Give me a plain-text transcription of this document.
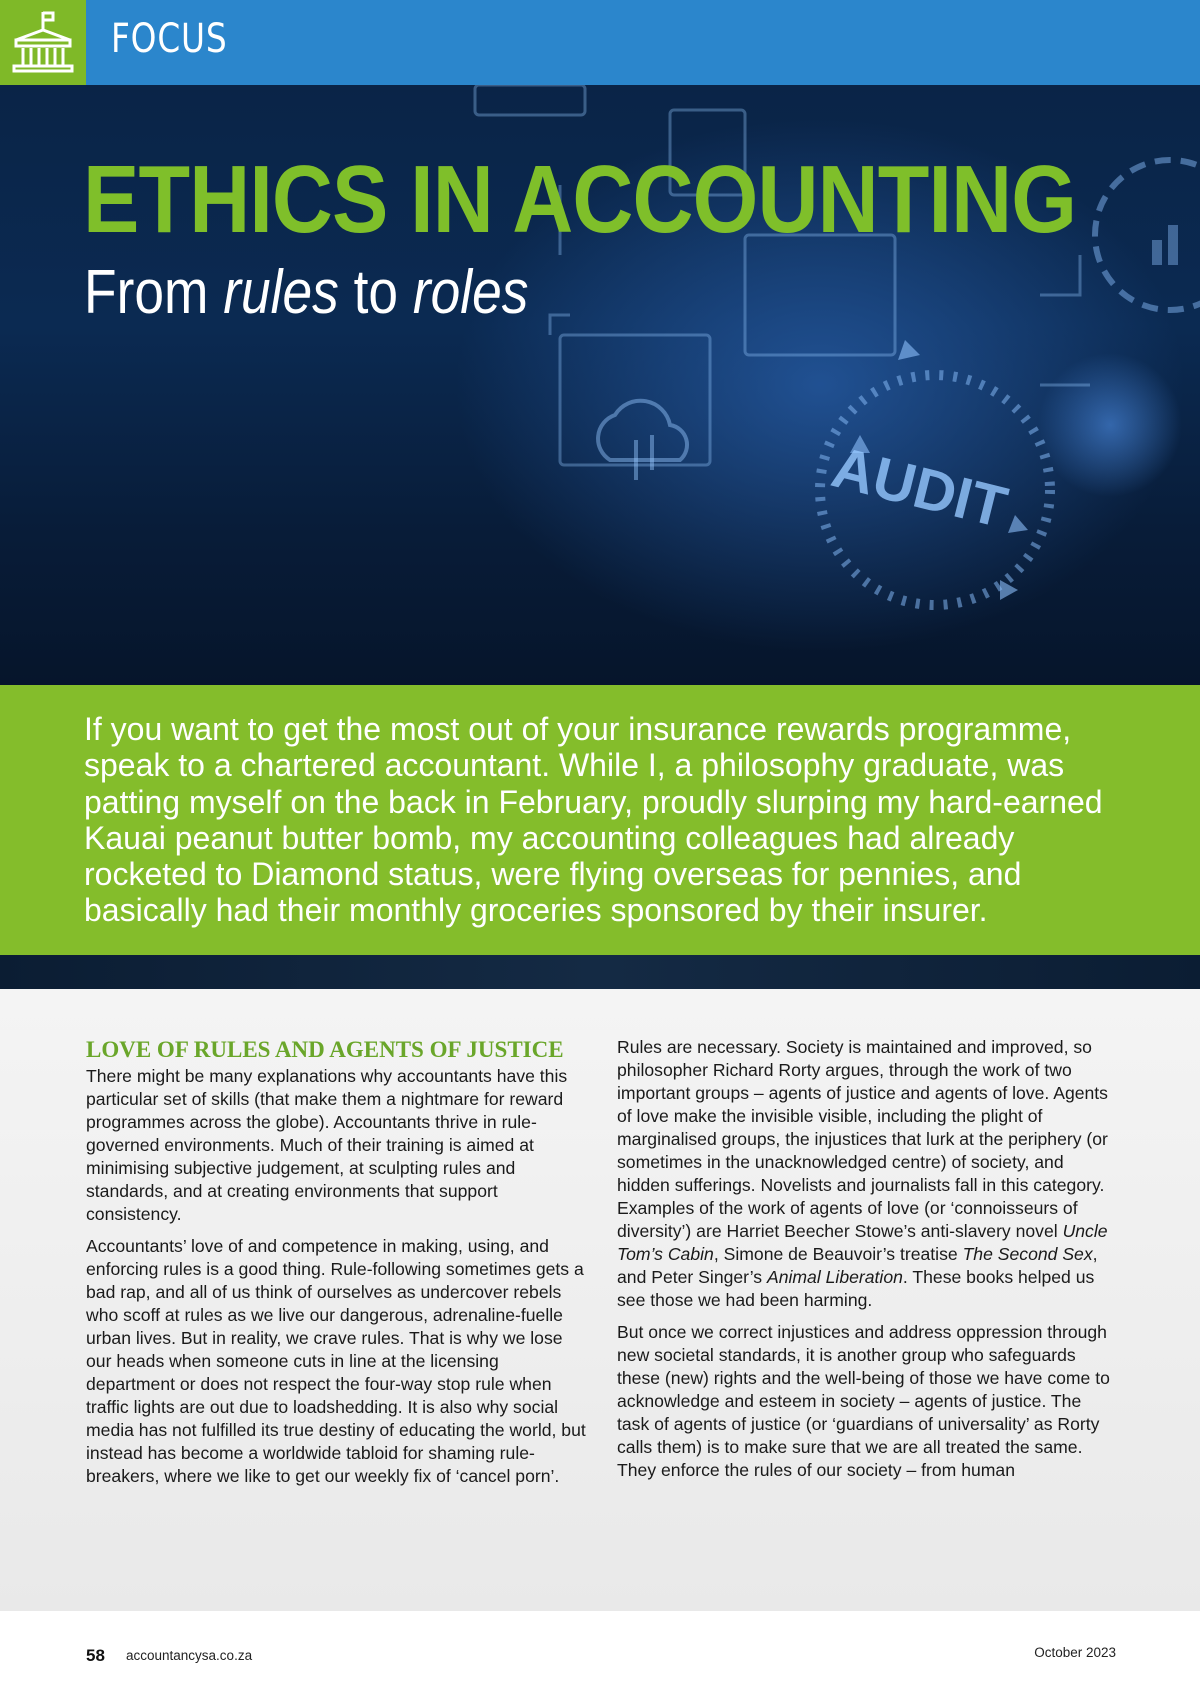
FOCUS
AUDIT
ETHICS IN ACCOUNTING
From rules to roles

If you want to get the most out of your insurance rewards programme, speak to a chartered accountant. While I, a philosophy graduate, was patting myself on the back in February, proudly slurping my hard-earned Kauai peanut butter bomb, my accounting colleagues had already rocketed to Diamond status, were flying overseas for pennies, and basically had their monthly groceries sponsored by their insurer.

LOVE OF RULES AND AGENTS OF JUSTICE

There might be many explanations why accountants have this particular set of skills (that make them a nightmare for reward programmes across the globe). Accountants thrive in rule-governed environments. Much of their training is aimed at minimising subjective judgement, at sculpting rules and standards, and at creating environments that support consistency.

Accountants’ love of and competence in making, using, and enforcing rules is a good thing. Rule-following sometimes gets a bad rap, and all of us think of ourselves as undercover rebels who scoff at rules as we live our dangerous, adrenaline-fuelle urban lives. But in reality, we crave rules. That is why we lose our heads when someone cuts in line at the licensing department or does not respect the four-way stop rule when traffic lights are out due to loadshedding. It is also why social media has not fulfilled its true destiny of educating the world, but instead has become a worldwide tabloid for shaming rule-breakers, where we like to get our weekly fix of ‘cancel porn’.

Rules are necessary. Society is maintained and improved, so philosopher Richard Rorty argues, through the work of two important groups – agents of justice and agents of love. Agents of love make the invisible visible, including the plight of marginalised groups, the injustices that lurk at the periphery (or sometimes in the unacknowledged centre) of society, and hidden sufferings. Novelists and journalists fall in this category. Examples of the work of agents of love (or ‘connoisseurs of diversity’) are Harriet Beecher Stowe’s anti-slavery novel Uncle Tom’s Cabin, Simone de Beauvoir’s treatise The Second Sex, and Peter Singer’s Animal Liberation. These books helped us see those we had been harming.

But once we correct injustices and address oppression through new societal standards, it is another group who safeguards these (new) rights and the well-being of those we have come to acknowledge and esteem in society – agents of justice. The task of agents of justice (or ‘guardians of universality’ as Rorty calls them) is to make sure that we are all treated the same. They enforce the rules of our society – from human

58 accountancysa.co.za	October 2023
